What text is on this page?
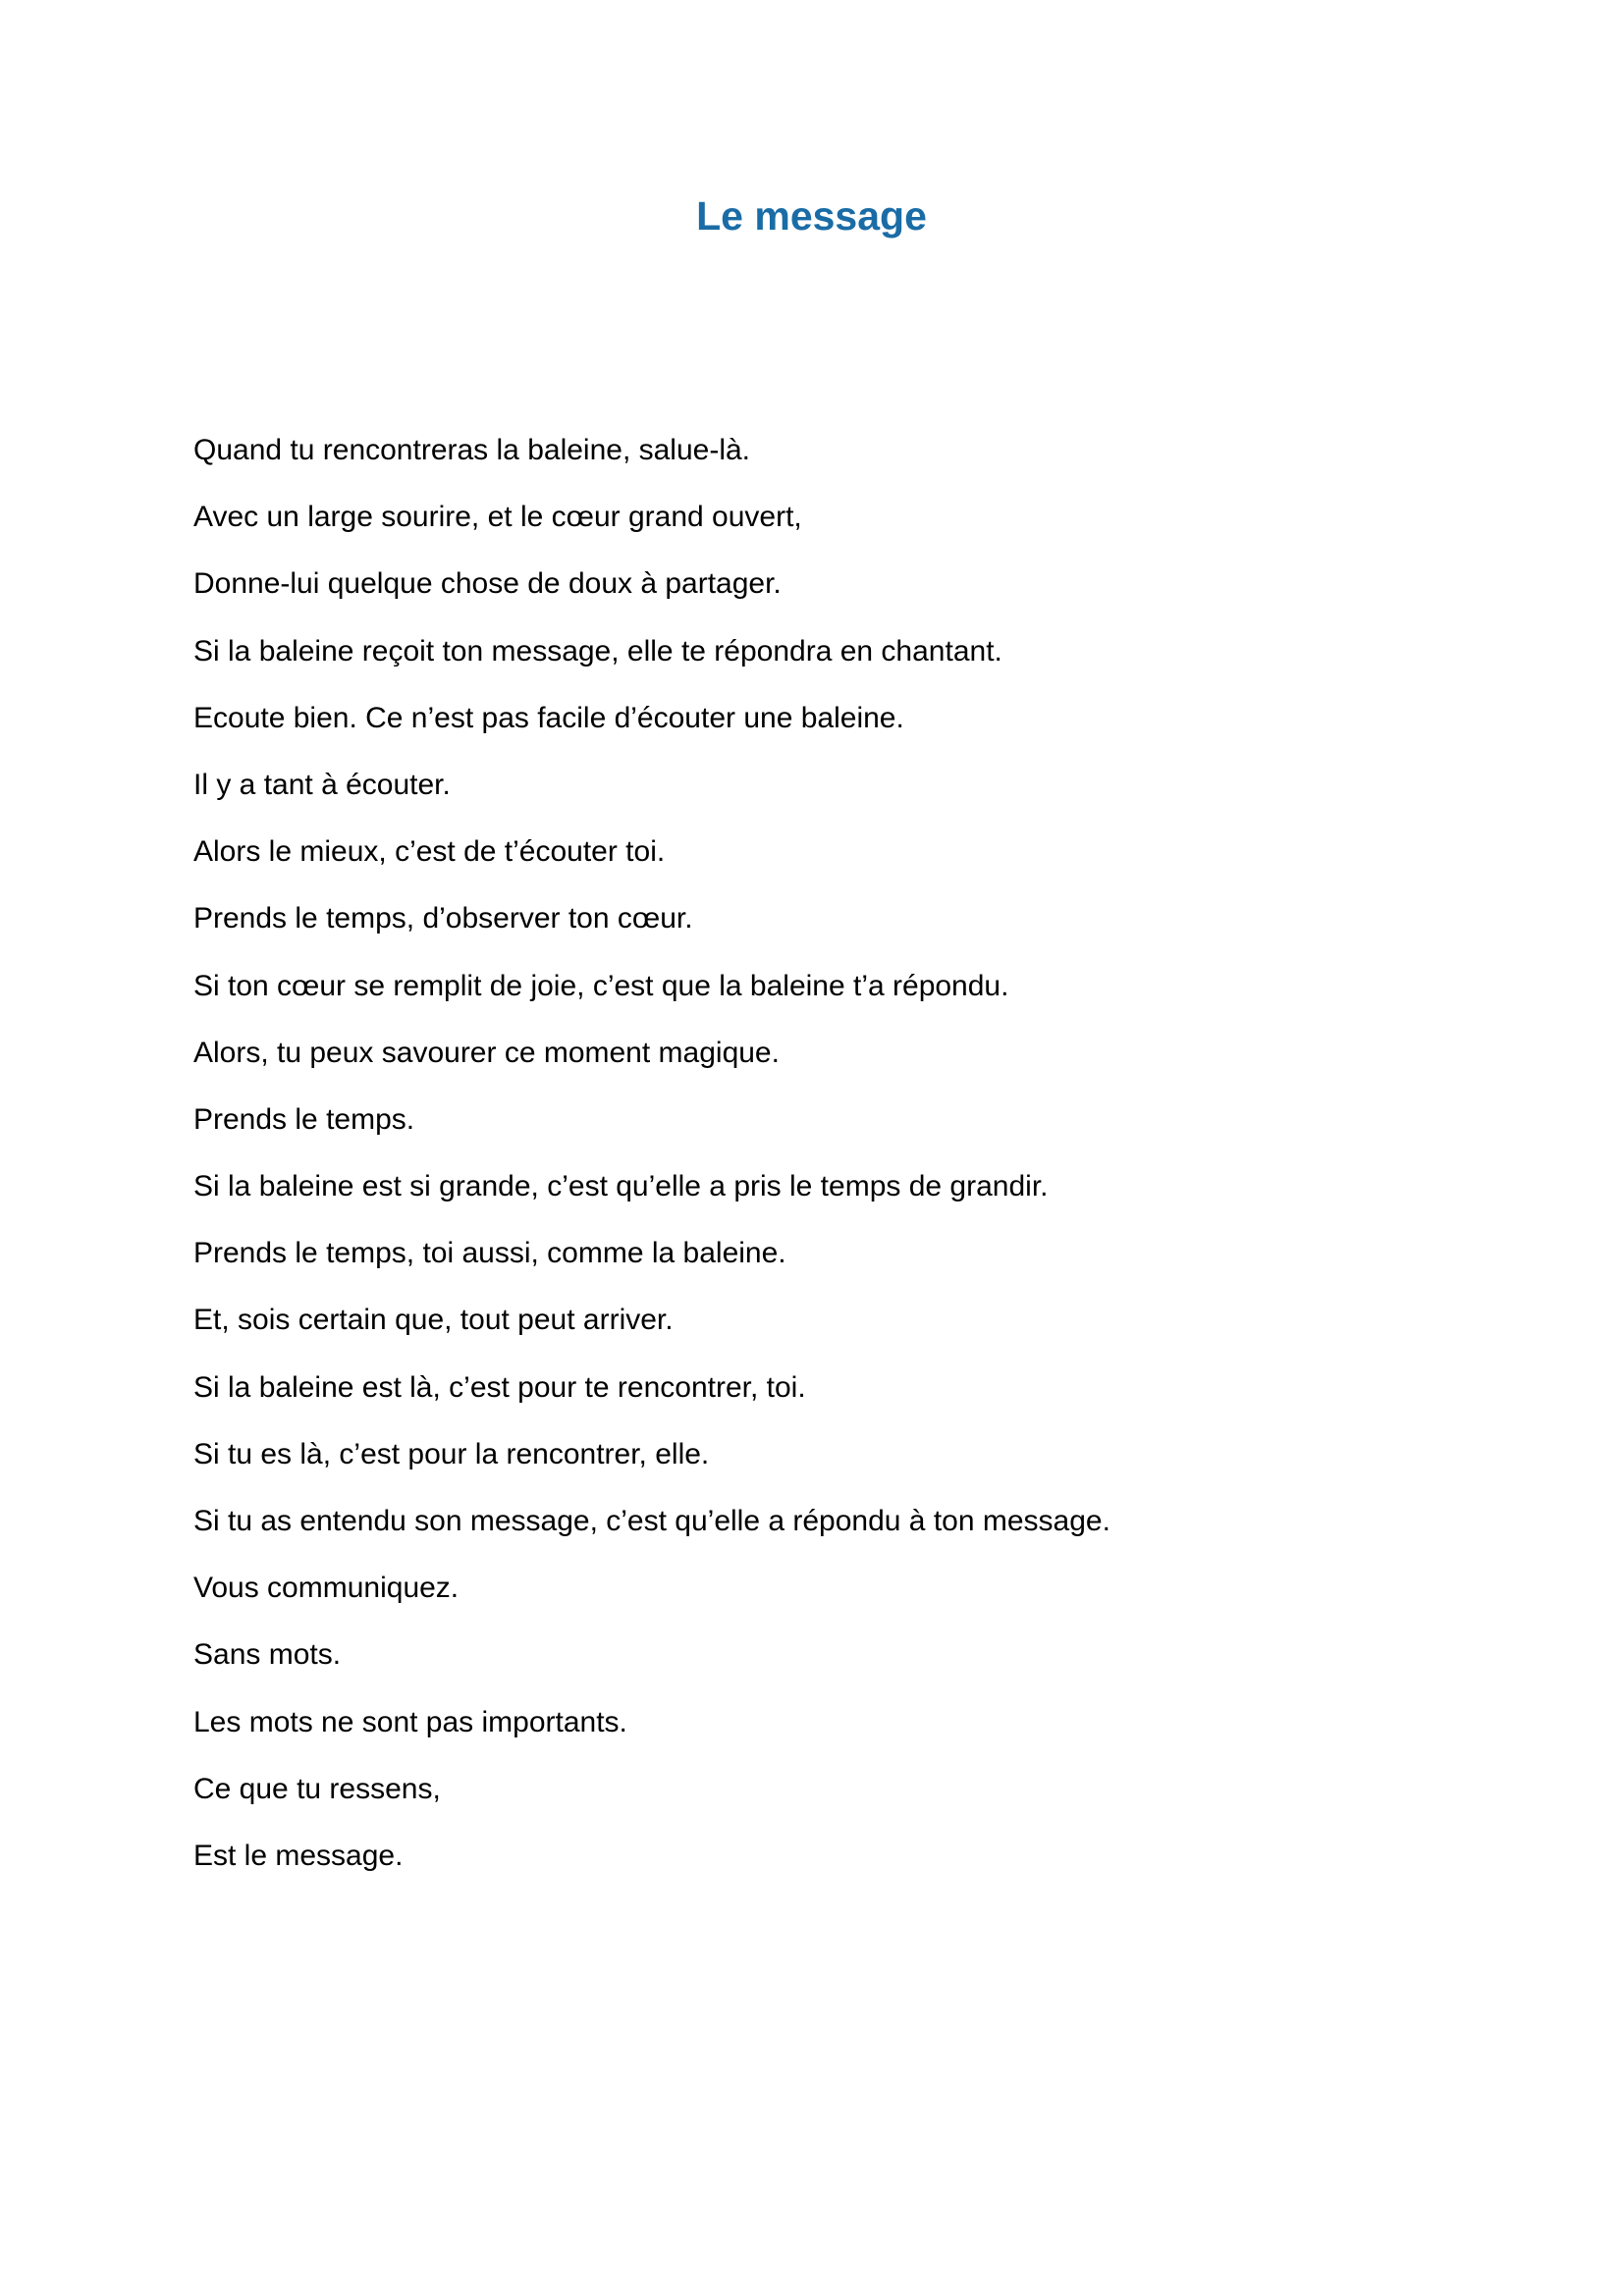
Le message
Quand tu rencontreras la baleine, salue-là.
Avec un large sourire, et le cœur grand ouvert,
Donne-lui quelque chose de doux à partager.
Si la baleine reçoit ton message, elle te répondra en chantant.
Ecoute bien. Ce n’est pas facile d’écouter une baleine.
Il y a tant à écouter.
Alors le mieux, c’est de t’écouter toi.
Prends le temps, d’observer ton cœur.
Si ton cœur se remplit de joie, c’est que la baleine t’a répondu.
Alors, tu peux savourer ce moment magique.
Prends le temps.
Si la baleine est si grande, c’est qu’elle a pris le temps de grandir.
Prends le temps, toi aussi, comme la baleine.
Et, sois certain que, tout peut arriver.
Si la baleine est là, c’est pour te rencontrer, toi.
Si tu es là, c’est pour la rencontrer, elle.
Si tu as entendu son message, c’est qu’elle a répondu à ton message.
Vous communiquez.
Sans mots.
Les mots ne sont pas importants.
Ce que tu ressens,
Est le message.
